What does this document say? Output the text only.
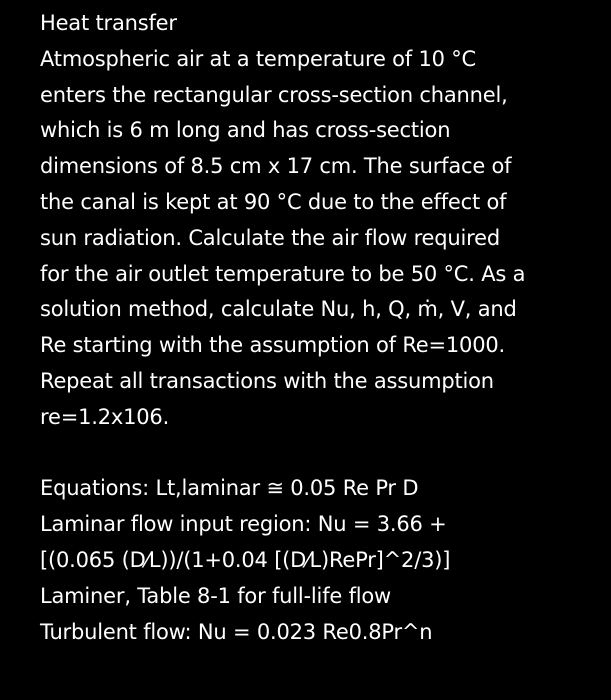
Heat transfer
Atmospheric air at a temperature of 10 °C
enters the rectangular cross-section channel,
which is 6 m long and has cross-section
dimensions of 8.5 cm x 17 cm. The surface of
the canal is kept at 90 °C due to the effect of
sun radiation. Calculate the air flow required
for the air outlet temperature to be 50 °C. As a
solution method, calculate Nu, h, Q, ṁ, V, and
Re starting with the assumption of Re=1000.
Repeat all transactions with the assumption
re=1.2x106.
Equations: Lt,laminar ≅ 0.05 Re Pr D
Laminar flow input region: Nu = 3.66 +
[(0.065 (D⁄L))/(1+0.04 [(D⁄L)RePr]^2/3)]
Laminer, Table 8-1 for full-life flow
Turbulent flow: Nu = 0.023 Re0.8Pr^n
